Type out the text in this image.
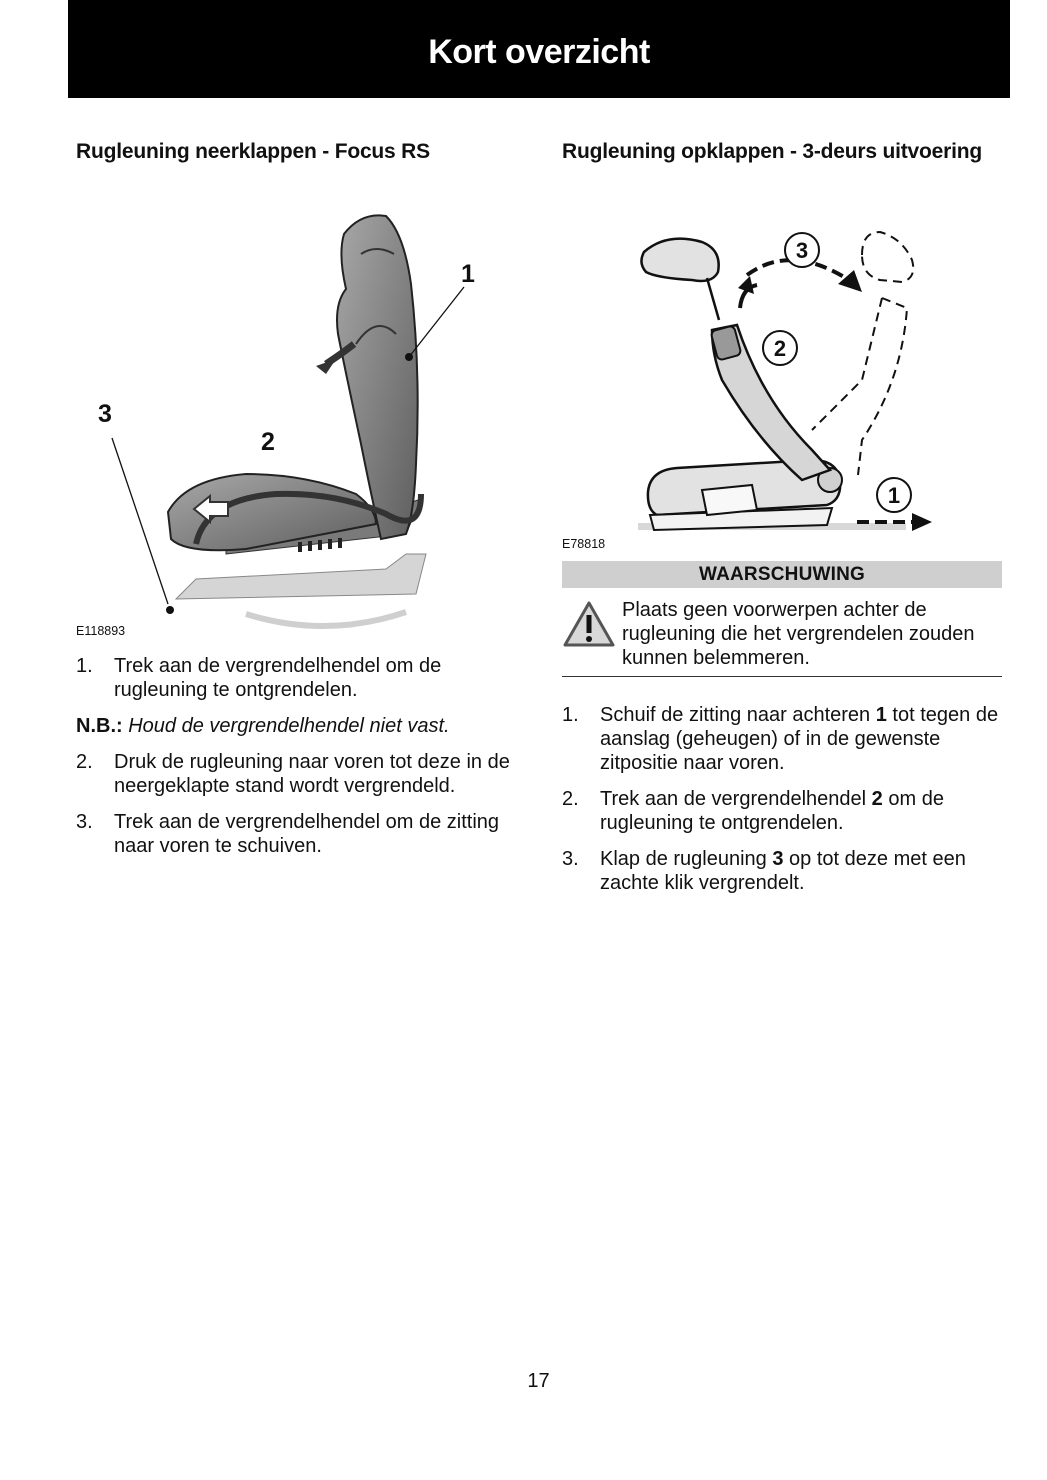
Kort overzicht
Rugleuning neerklappen - Focus RS
1
2
3
E118893
1.	Trek aan de vergrendelhendel om de rugleuning te ontgrendelen.

N.B.: Houd de vergrendelhendel niet vast.

2.	Druk de rugleuning naar voren tot deze in de neergeklapte stand wordt vergrendeld.
3.	Trek aan de vergrendelhendel om de zitting naar voren te schuiven.
Rugleuning opklappen - 3-deurs uitvoering
3
2
1
E78818
WAARSCHUWING
Plaats geen voorwerpen achter de rugleuning die het vergrendelen zouden kunnen belemmeren.
1.	Schuif de zitting naar achteren 1 tot tegen de aanslag (geheugen) of in de gewenste zitpositie naar voren.
2.	Trek aan de vergrendelhendel 2 om de rugleuning te ontgrendelen.
3.	Klap de rugleuning 3 op tot deze met een zachte klik vergrendelt.
17
